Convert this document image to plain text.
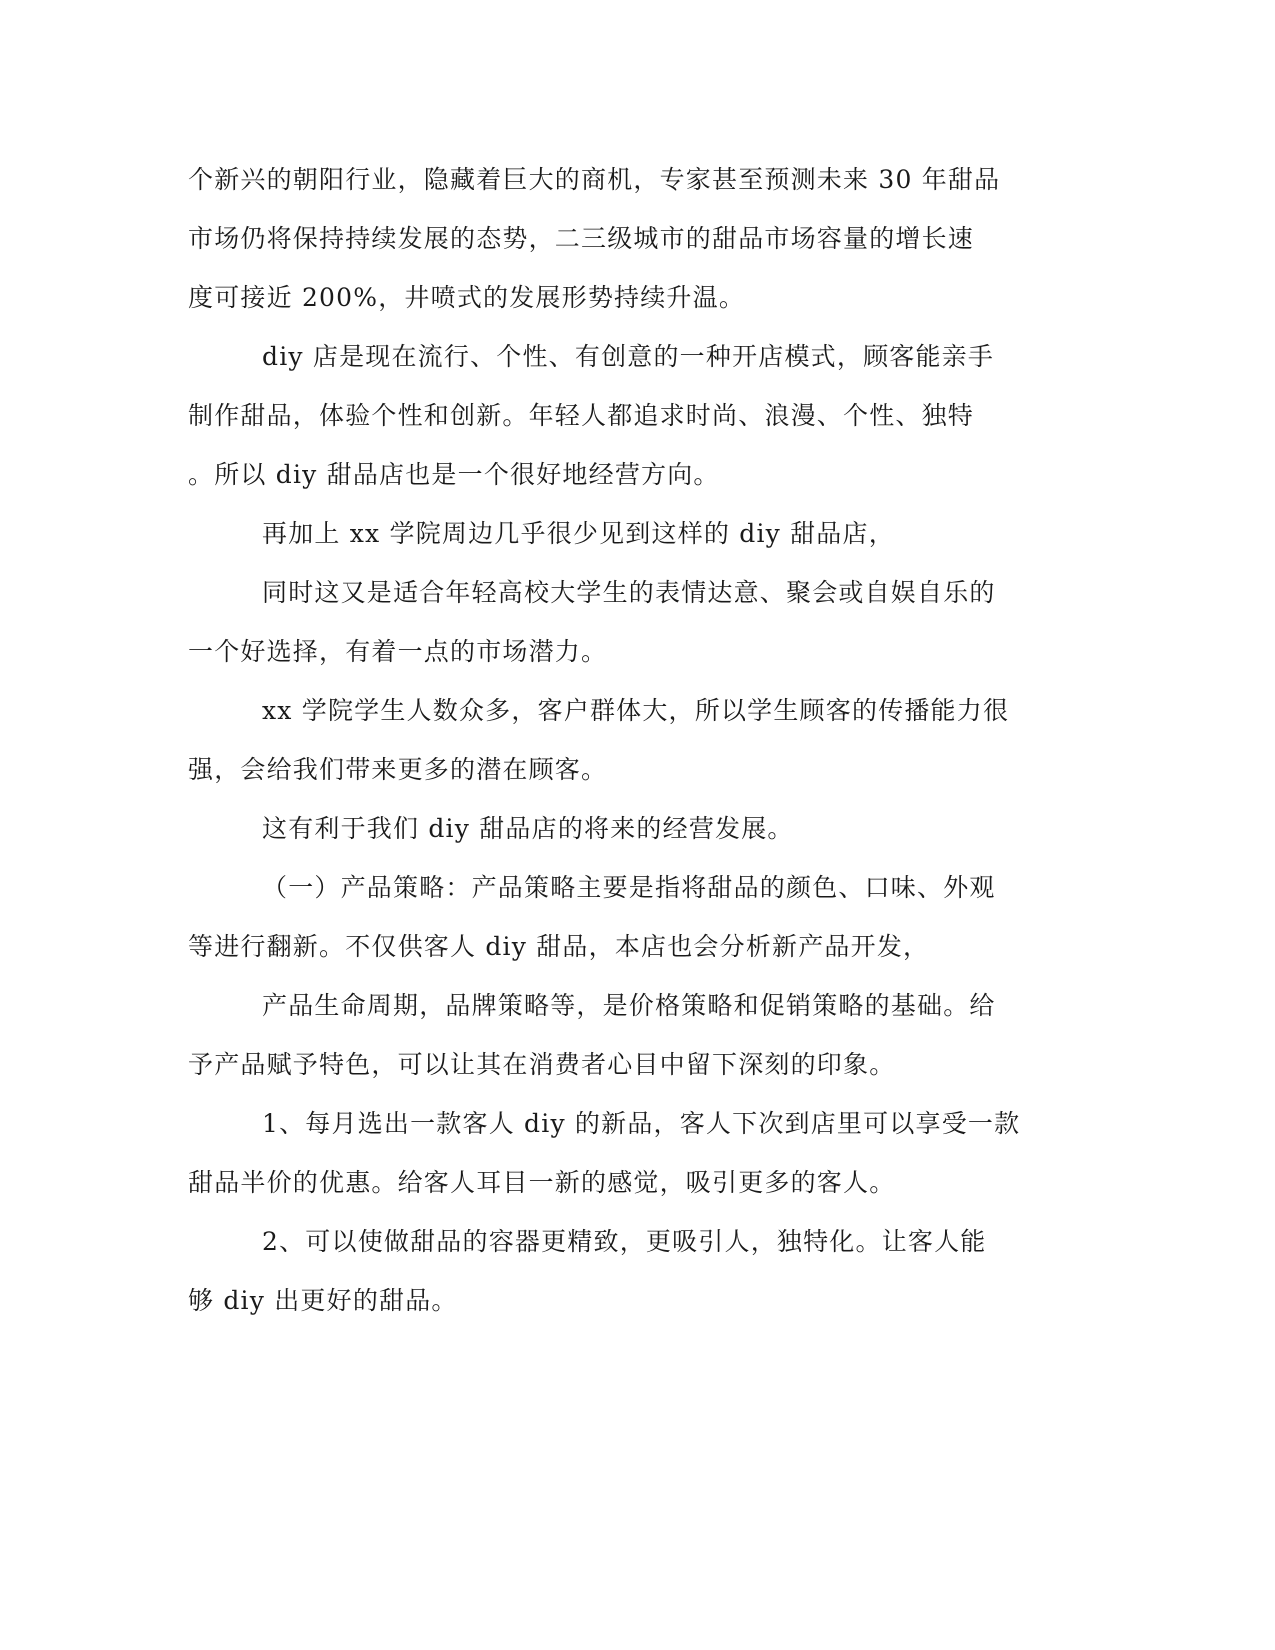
个新兴的朝阳行业，隐藏着巨大的商机，专家甚至预测未来 30 年甜品
市场仍将保持持续发展的态势，二三级城市的甜品市场容量的增长速
度可接近 200%，井喷式的发展形势持续升温。
diy 店是现在流行、个性、有创意的一种开店模式，顾客能亲手
制作甜品，体验个性和创新。年轻人都追求时尚、浪漫、个性、独特
。所以 diy 甜品店也是一个很好地经营方向。
再加上 xx 学院周边几乎很少见到这样的 diy 甜品店，
同时这又是适合年轻高校大学生的表情达意、聚会或自娱自乐的
一个好选择，有着一点的市场潜力。
xx 学院学生人数众多，客户群体大，所以学生顾客的传播能力很
强，会给我们带来更多的潜在顾客。
这有利于我们 diy 甜品店的将来的经营发展。
（一）产品策略：产品策略主要是指将甜品的颜色、口味、外观
等进行翻新。不仅供客人 diy 甜品，本店也会分析新产品开发，
产品生命周期，品牌策略等，是价格策略和促销策略的基础。给
予产品赋予特色，可以让其在消费者心目中留下深刻的印象。
1、每月选出一款客人 diy 的新品，客人下次到店里可以享受一款
甜品半价的优惠。给客人耳目一新的感觉，吸引更多的客人。
2、可以使做甜品的容器更精致，更吸引人，独特化。让客人能
够 diy 出更好的甜品。
